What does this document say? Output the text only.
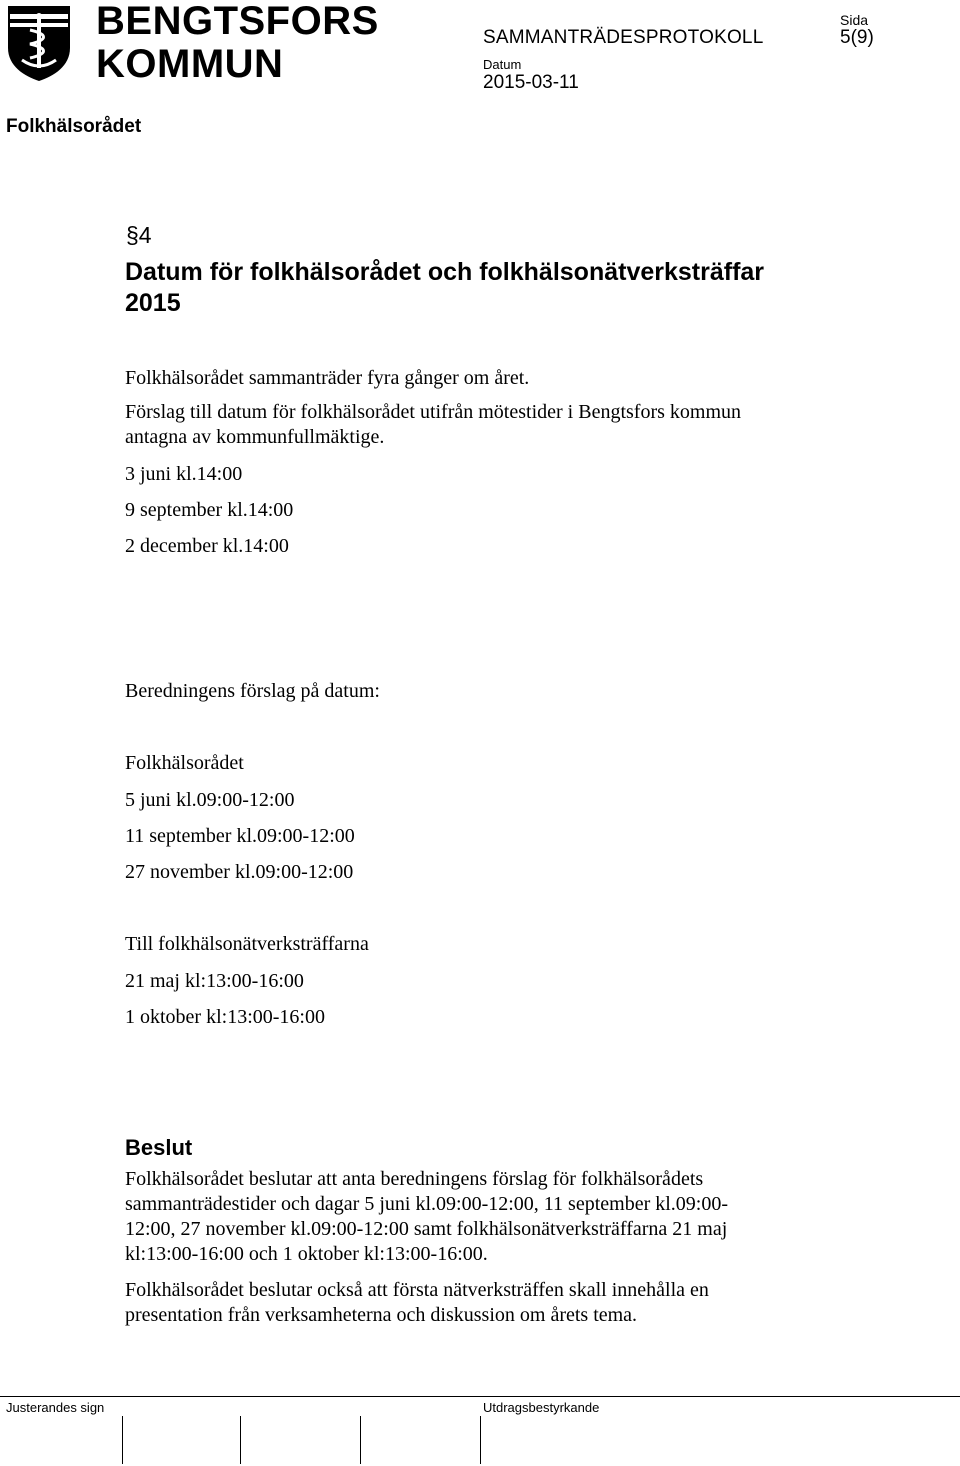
BENGTSFORS
KOMMUN
SAMMANTRÄDESPROTOKOLL
Sida
5(9)
Datum
2015-03-11
Folkhälsorådet
§4
Datum för folkhälsorådet och folkhälsonätverksträffar
2015
Folkhälsorådet sammanträder fyra gånger om året.
Förslag till datum för folkhälsorådet utifrån mötestider i Bengtsfors kommun
antagna av kommunfullmäktige.
3 juni kl.14:00
9 september kl.14:00
2 december kl.14:00
Beredningens förslag på datum:
Folkhälsorådet
5 juni kl.09:00-12:00
11 september kl.09:00-12:00
27 november kl.09:00-12:00
Till folkhälsonätverksträffarna
21 maj kl:13:00-16:00
1 oktober kl:13:00-16:00
Beslut
Folkhälsorådet beslutar att anta beredningens förslag för folkhälsorådets
sammanträdestider och dagar 5 juni kl.09:00-12:00, 11 september kl.09:00-
12:00, 27 november kl.09:00-12:00 samt folkhälsonätverksträffarna 21 maj
kl:13:00-16:00 och 1 oktober kl:13:00-16:00.
Folkhälsorådet beslutar också att första nätverksträffen skall innehålla en
presentation från verksamheterna och diskussion om årets tema.
Justerandes sign	Utdragsbestyrkande
